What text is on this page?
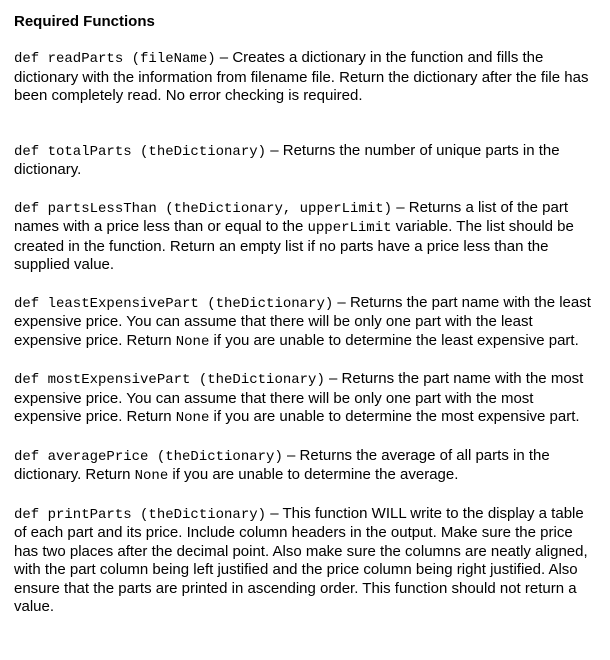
Required Functions

def readParts (fileName) – Creates a dictionary in the function and fills the dictionary with the information from filename file. Return the dictionary after the file has been completely read. No error checking is required.

def totalParts (theDictionary) – Returns the number of unique parts in the dictionary.

def partsLessThan (theDictionary, upperLimit) – Returns a list of the part names with a price less than or equal to the upperLimit variable. The list should be created in the function. Return an empty list if no parts have a price less than the supplied value.

def leastExpensivePart (theDictionary) – Returns the part name with the least expensive price. You can assume that there will be only one part with the least expensive price. Return None if you are unable to determine the least expensive part.

def mostExpensivePart (theDictionary) – Returns the part name with the most expensive price. You can assume that there will be only one part with the most expensive price. Return None if you are unable to determine the most expensive part.

def averagePrice (theDictionary) – Returns the average of all parts in the dictionary. Return None if you are unable to determine the average.

def printParts (theDictionary) – This function WILL write to the display a table of each part and its price. Include column headers in the output. Make sure the price has two places after the decimal point. Also make sure the columns are neatly aligned, with the part column being left justified and the price column being right justified. Also ensure that the parts are printed in ascending order. This function should not return a value.
